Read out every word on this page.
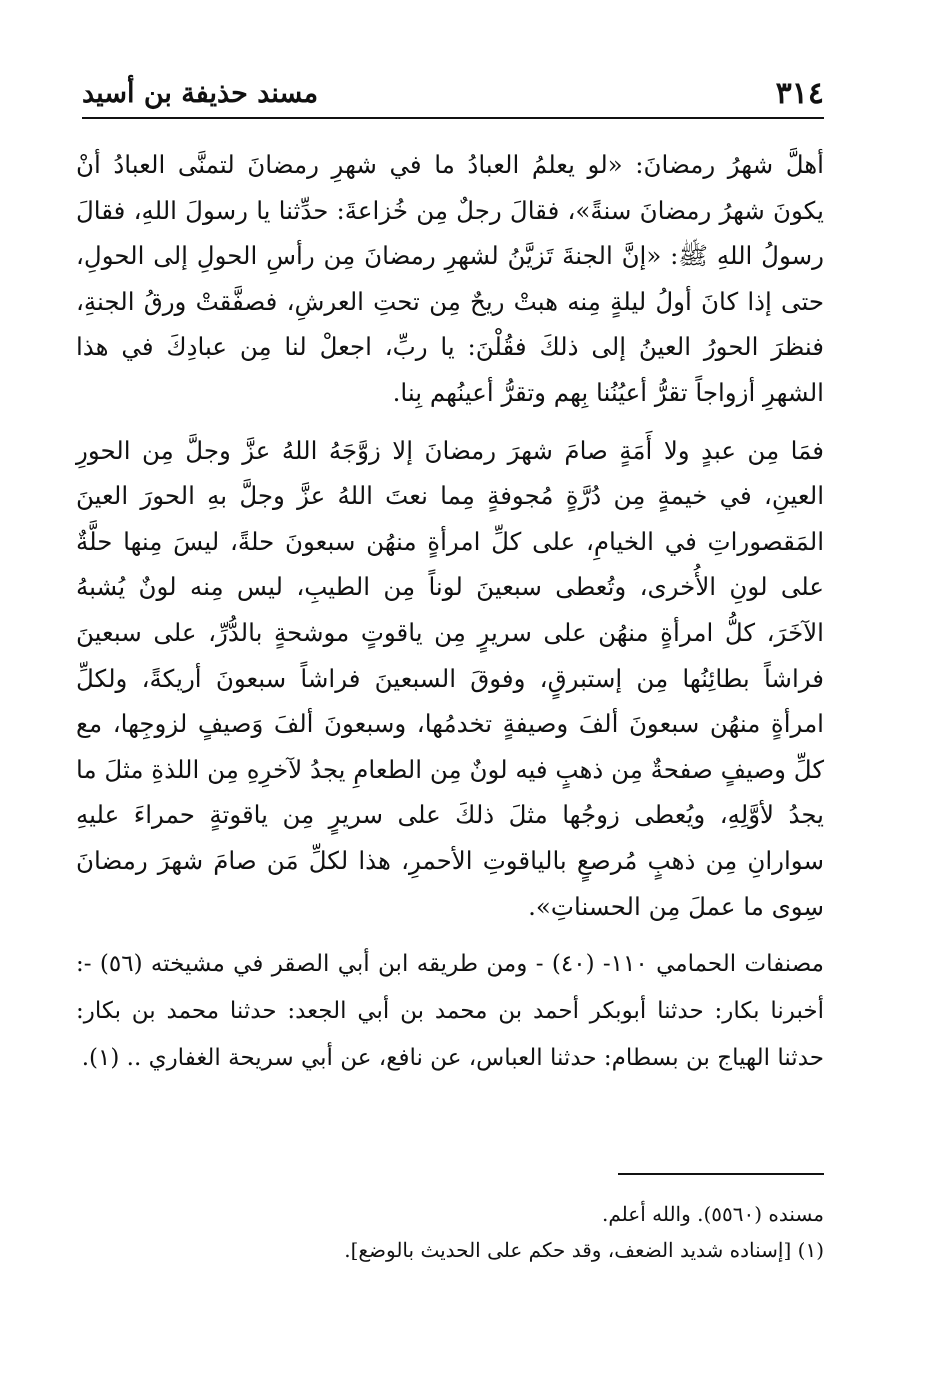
٣١٤
مسند حذيفة بن أسيد

أهلَّ شهرُ رمضانَ: «لو يعلمُ العبادُ ما في شهرِ رمضانَ لتمنَّى العبادُ أنْ يكونَ شهرُ رمضانَ سنةً»، فقالَ رجلٌ مِن خُزاعةَ: حدِّثنا يا رسولَ اللهِ، فقالَ رسولُ اللهِ ﷺ: «إنَّ الجنةَ تَزيَّنُ لشهرِ رمضانَ مِن رأسِ الحولِ إلى الحولِ، حتى إذا كانَ أولُ ليلةٍ مِنه هبتْ ريحٌ مِن تحتِ العرشِ، فصفَّقتْ ورقُ الجنةِ، فنظرَ الحورُ العينُ إلى ذلكَ فقُلْنَ: يا ربِّ، اجعلْ لنا مِن عبادِكَ في هذا الشهرِ أزواجاً تقرُّ أعيُنُنا بِهم وتقرُّ أعينُهم بِنا.

فمَا مِن عبدٍ ولا أَمَةٍ صامَ شهرَ رمضانَ إلا زوَّجَهُ اللهُ عزَّ وجلَّ مِن الحورِ العينِ، في خيمةٍ مِن دُرَّةٍ مُجوفةٍ مِما نعتَ اللهُ عزَّ وجلَّ بهِ الحورَ العينَ المَقصوراتِ في الخيامِ، على كلِّ امرأةٍ منهُن سبعونَ حلةً، ليسَ مِنها حلَّةٌ على لونِ الأُخرى، وتُعطى سبعينَ لوناً مِن الطيبِ، ليس مِنه لونٌ يُشبهُ الآخَرَ، كلُّ امرأةٍ منهُن على سريرٍ مِن ياقوتٍ موشحةٍ بالدُّرِّ، على سبعينَ فراشاً بطائِنُها مِن إستبرقٍ، وفوقَ السبعينَ فراشاً سبعونَ أريكةً، ولكلِّ امرأةٍ منهُن سبعونَ ألفَ وصيفةٍ تخدمُها، وسبعونَ ألفَ وَصيفٍ لزوجِها، مع كلِّ وصيفٍ صفحةٌ مِن ذهبٍ فيه لونٌ مِن الطعامِ يجدُ لآخرِهِ مِن اللذةِ مثلَ ما يجدُ لأوَّلِهِ، ويُعطى زوجُها مثلَ ذلكَ على سريرٍ مِن ياقوتةٍ حمراءَ عليهِ سوارانِ مِن ذهبٍ مُرصعٍ بالياقوتِ الأحمرِ، هذا لكلِّ مَن صامَ شهرَ رمضانَ سِوى ما عملَ مِن الحسناتِ».

مصنفات الحمامي ١١٠- (٤٠) - ومن طريقه ابن أبي الصقر في مشيخته (٥٦) -: أخبرنا بكار: حدثنا أبوبكر أحمد بن محمد بن أبي الجعد: حدثنا محمد بن بكار: حدثنا الهياج بن بسطام: حدثنا العباس، عن نافع، عن أبي سريحة الغفاري .. (١).

مسنده (٥٥٦٠). والله أعلم.

(١) [إسناده شديد الضعف، وقد حكم على الحديث بالوضع].
